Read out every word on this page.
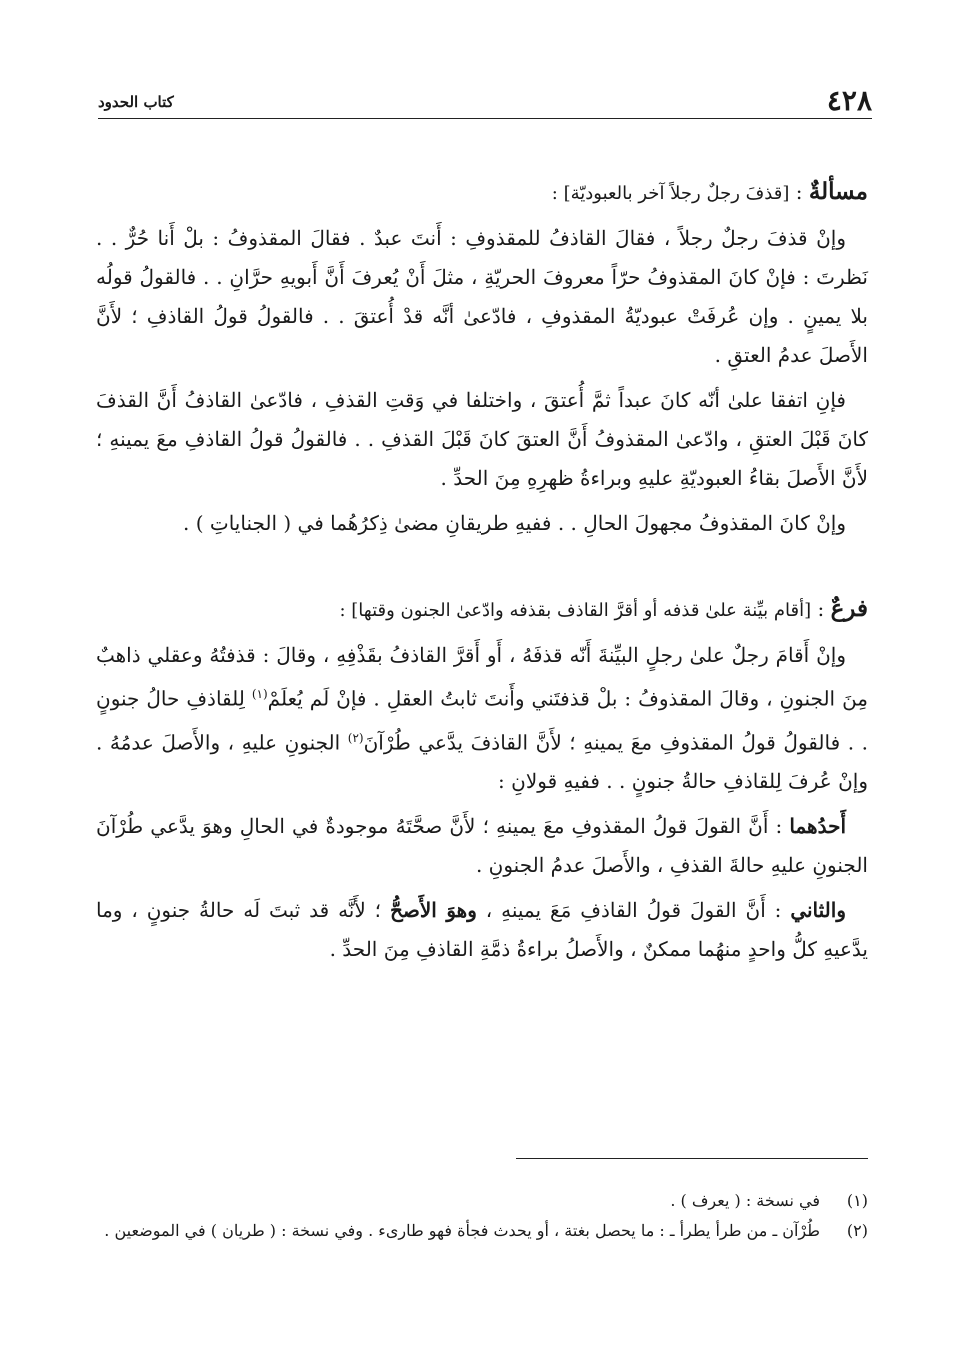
٤٢٨
كتاب الحدود

مسألةٌ : [قذفَ رجلٌ رجلاً آخر بالعبوديّة] :

وإنْ قذفَ رجلٌ رجلاً ، فقالَ القاذفُ للمقذوفِ : أَنتَ عبدٌ . فقالَ المقذوفُ : بلْ أَنا حُرٌّ . . نَظرتَ : فإنْ كانَ المقذوفُ حرّاً معروفَ الحريّةِ ، مثلَ أَنْ يُعرفَ أَنَّ أَبويهِ حرَّانِ . . فالقولُ قولُه بلا يمينٍ . وإن عُرفَتْ عبوديّةُ المقذوفِ ، فادّعىٰ أنَّه قدْ أُعتقَ . . فالقولُ قولُ القاذفِ ؛ لأَنَّ الأَصلَ عدمُ العتقِ .

فإنِ اتفقا علىٰ أنّه كانَ عبداً ثمَّ أُعتقَ ، واختلفا في وَقتِ القذفِ ، فادّعىٰ القاذفُ أَنَّ القذفَ كانَ قَبْلَ العتقِ ، وادّعىٰ المقذوفُ أَنَّ العتقَ كانَ قَبْلَ القذفِ . . فالقولُ قولُ القاذفِ معَ يمينهِ ؛ لأَنَّ الأَصلَ بقاءُ العبوديّةِ عليهِ وبراءةُ ظهرِهِ مِنَ الحدِّ .

وإنْ كانَ المقذوفُ مجهولَ الحالِ . . ففيهِ طريقانِ مضىٰ ذِكرُهُما في ( الجناياتِ ) .

فرعٌ : [أقام بيِّنة علىٰ قذفه أو أقرَّ القاذف بقذفه وادّعىٰ الجنون وقتها] :

وإنْ أَقامَ رجلٌ علىٰ رجلٍ البيِّنةَ أَنّه قذفَهُ ، أَو أَقرَّ القاذفُ بقَذْفِهِ ، وقالَ : قذفتُهُ وعقلي ذاهبٌ مِنَ الجنونِ ، وقالَ المقذوفُ : بلْ قذفتَني وأَنتَ ثابتُ العقلِ . فإنْ لَم يُعلَمْ$^{(١)}$ لِلقاذفِ حالُ جنونٍ . . فالقولُ قولُ المقذوفِ معَ يمينهِ ؛ لأَنَّ القاذفَ يدَّعي طُرْآنَ$^{(٢)}$ الجنونِ عليهِ ، والأَصلَ عدمُهُ . وإنْ عُرفَ لِلقاذفِ حالةُ جنونٍ . . ففيهِ قولانِ :

أَحدُهما : أَنَّ القولَ قولُ المقذوفِ معَ يمينهِ ؛ لأَنَّ صحَّتَهُ موجودةٌ في الحالِ وهوَ يدَّعي طُرْآنَ الجنونِ عليهِ حالةَ القذفِ ، والأَصلَ عدمُ الجنونِ .

والثاني : أَنَّ القولَ قولُ القاذفِ مَعَ يمينهِ ، وهوَ الأَصحُّ ؛ لأَنَّه قد ثبتَ لَه حالةُ جنونٍ ، وما يدَّعيهِ كلُّ واحدٍ منهُما ممكنٌ ، والأَصلُ براءةُ ذمَّةِ القاذفِ مِنَ الحدِّ .

(١)
في نسخة : ( يعرف ) .
(٢)
طُرْآن ـ من طرأ يطرأ ـ : ما يحصل بغتة ، أو يحدث فجأة فهو طارىء . وفي نسخة : ( طريان ) في الموضعين .
